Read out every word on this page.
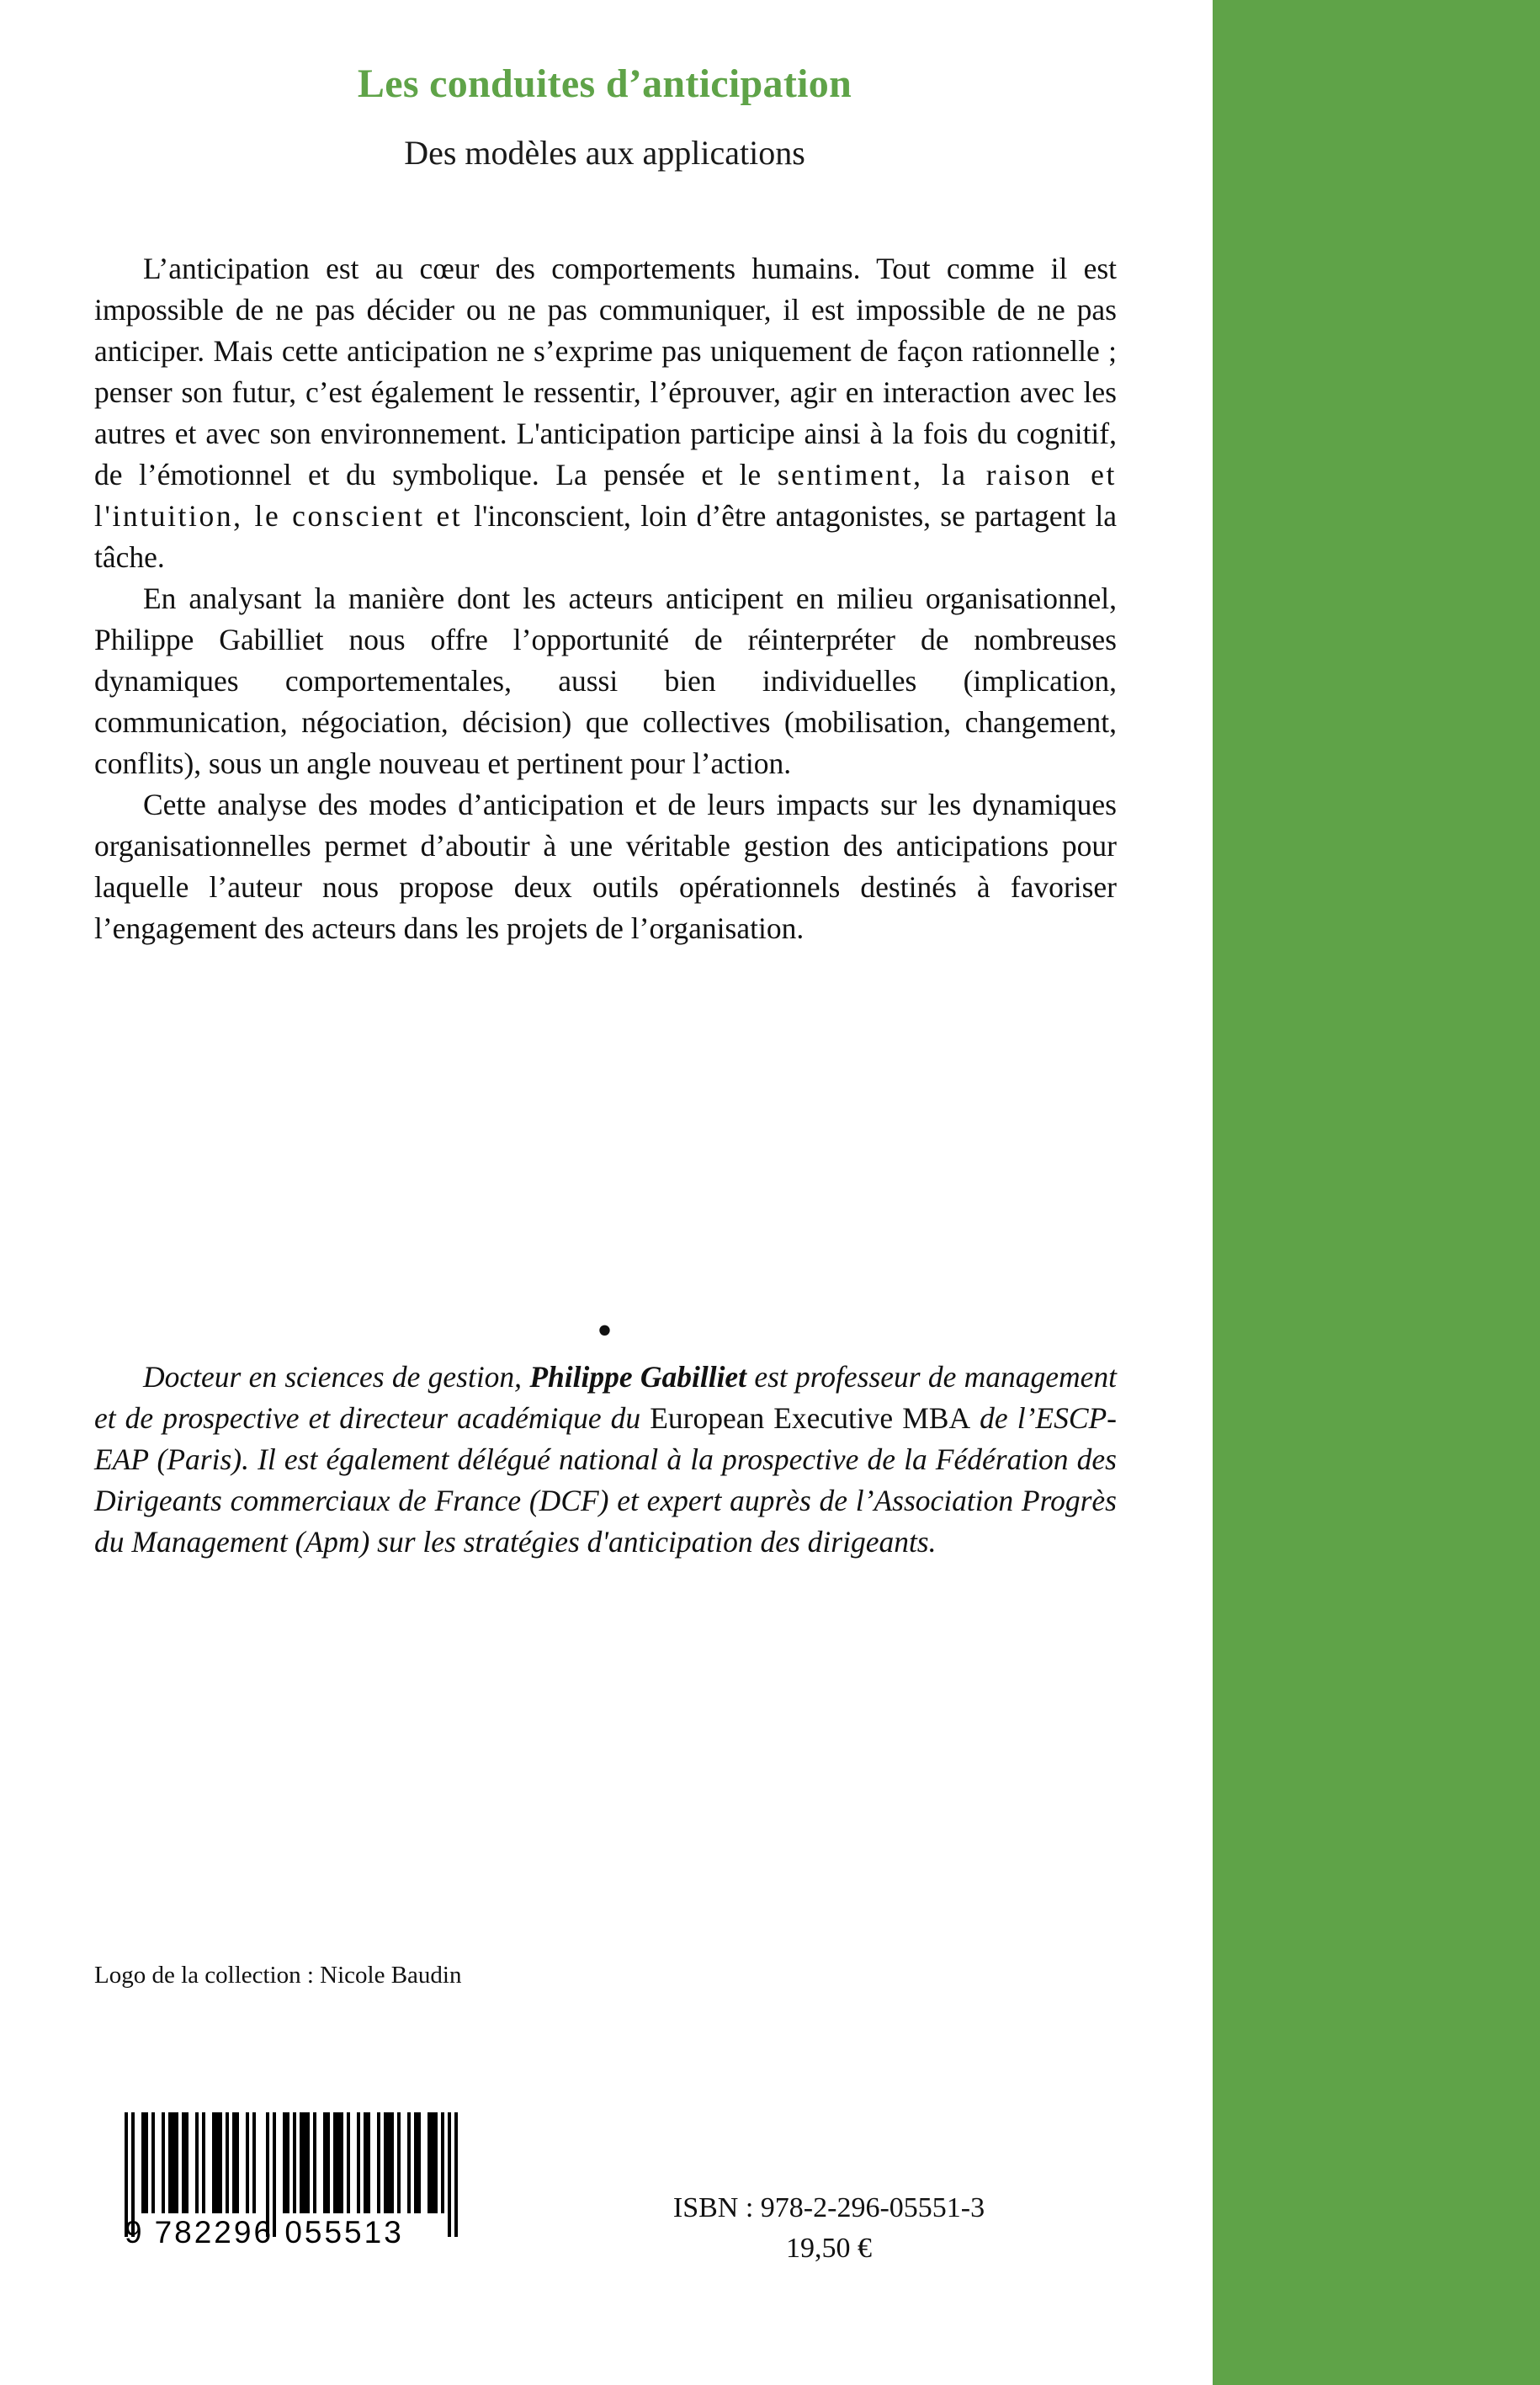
Les conduites d’anticipation
Des modèles aux applications

L’anticipation est au cœur des comportements humains. Tout comme il est impossible de ne pas décider ou ne pas communiquer, il est impossible de ne pas anticiper. Mais cette anticipation ne s’exprime pas uniquement de façon rationnelle ; penser son futur, c’est également le ressentir, l’éprouver, agir en interaction avec les autres et avec son environnement. L'anticipation participe ainsi à la fois du cognitif, de l’émotionnel et du symbolique. La pensée et le sentiment, la raison et l'intuition, le conscient et l'inconscient, loin d’être antagonistes, se partagent la tâche.

En analysant la manière dont les acteurs anticipent en milieu organisationnel, Philippe Gabilliet nous offre l’opportunité de réinterpréter de nombreuses dynamiques comportementales, aussi bien individuelles (implication, communication, négociation, décision) que collectives (mobilisation, changement, conflits), sous un angle nouveau et pertinent pour l’action.

Cette analyse des modes d’anticipation et de leurs impacts sur les dynamiques organisationnelles permet d’aboutir à une véritable gestion des anticipations pour laquelle l’auteur nous propose deux outils opérationnels destinés à favoriser l’engagement des acteurs dans les projets de l’organisation.

•

Docteur en sciences de gestion, Philippe Gabilliet est professeur de management et de prospective et directeur académique du European Executive MBA de l’ESCP-EAP (Paris). Il est également délégué national à la prospective de la Fédération des Dirigeants commerciaux de France (DCF) et expert auprès de l’Association Progrès du Management (Apm) sur les stratégies d'anticipation des dirigeants.

Logo de la collection : Nicole Baudin
9 782296 055513
ISBN : 978-2-296-05551-3
19,50 €
